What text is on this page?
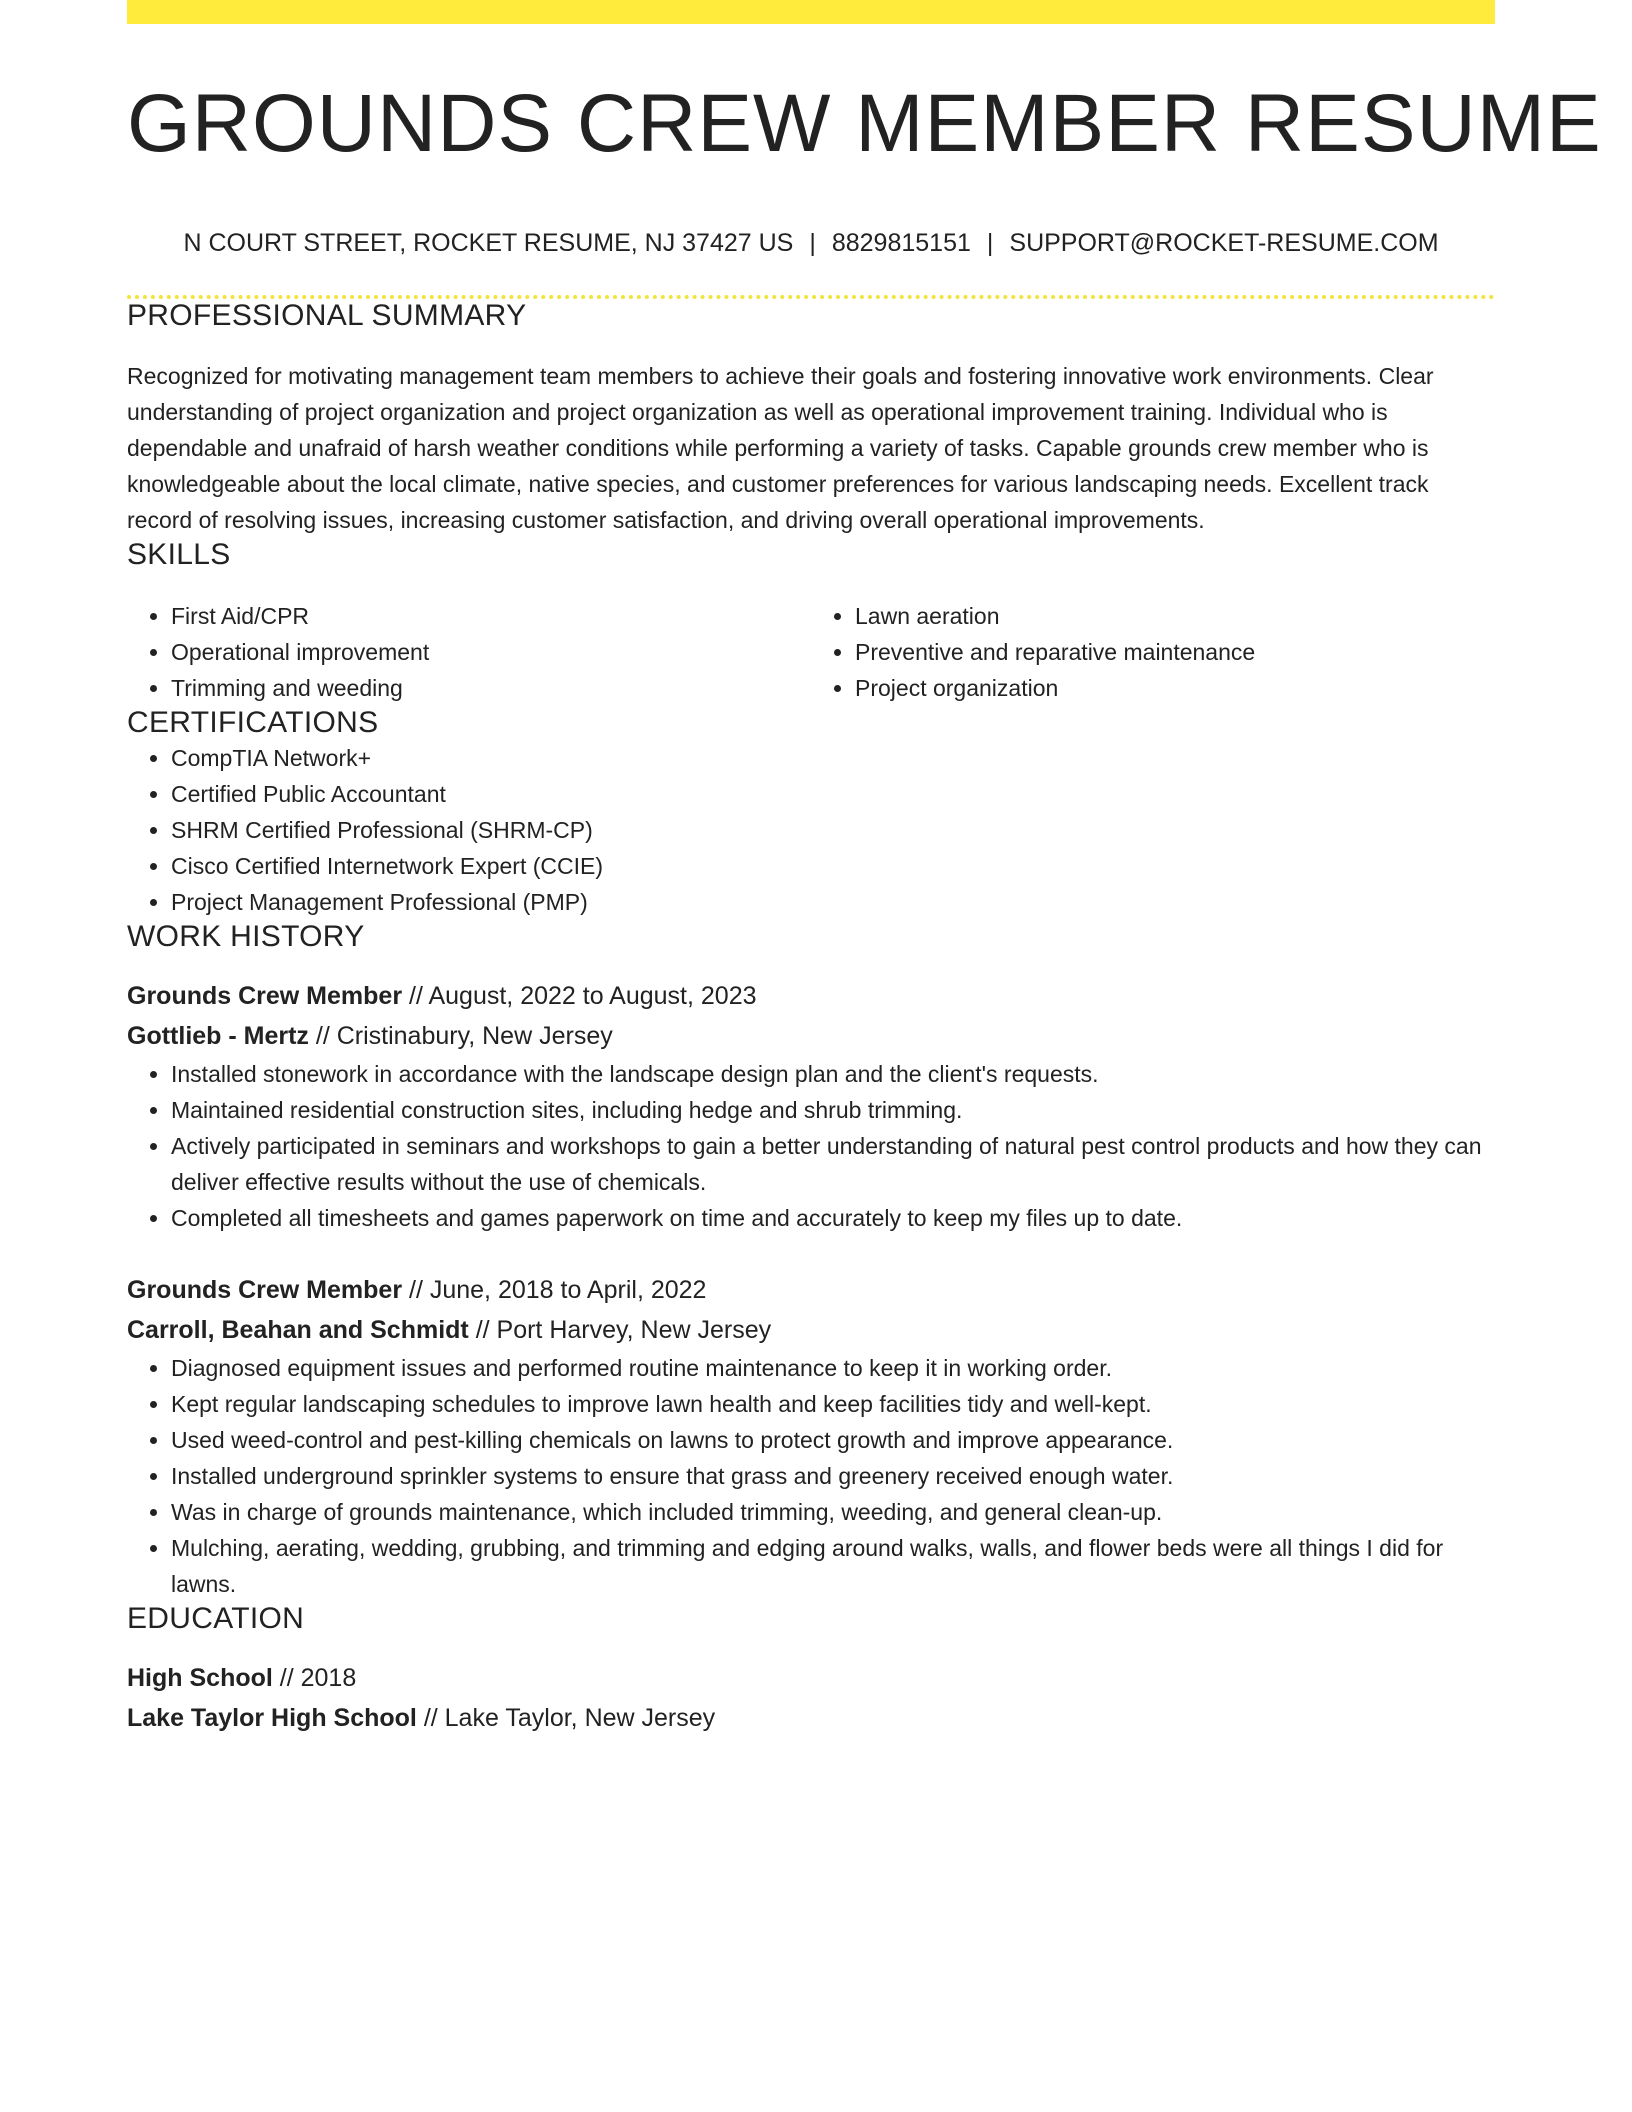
GROUNDS CREW MEMBER RESUME
N COURT STREET, ROCKET RESUME, NJ 37427 US | 8829815151 | SUPPORT@ROCKET-RESUME.COM
PROFESSIONAL SUMMARY
Recognized for motivating management team members to achieve their goals and fostering innovative work environments. Clear understanding of project organization and project organization as well as operational improvement training. Individual who is dependable and unafraid of harsh weather conditions while performing a variety of tasks. Capable grounds crew member who is knowledgeable about the local climate, native species, and customer preferences for various landscaping needs. Excellent track record of resolving issues, increasing customer satisfaction, and driving overall operational improvements.
SKILLS
• First Aid/CPR
• Operational improvement
• Trimming and weeding
• Lawn aeration
• Preventive and reparative maintenance
• Project organization
CERTIFICATIONS
• CompTIA Network+
• Certified Public Accountant
• SHRM Certified Professional (SHRM-CP)
• Cisco Certified Internetwork Expert (CCIE)
• Project Management Professional (PMP)
WORK HISTORY
Grounds Crew Member // August, 2022 to August, 2023
Gottlieb - Mertz // Cristinabury, New Jersey
• Installed stonework in accordance with the landscape design plan and the client's requests.
• Maintained residential construction sites, including hedge and shrub trimming.
• Actively participated in seminars and workshops to gain a better understanding of natural pest control products and how they can deliver effective results without the use of chemicals.
• Completed all timesheets and games paperwork on time and accurately to keep my files up to date.
Grounds Crew Member // June, 2018 to April, 2022
Carroll, Beahan and Schmidt // Port Harvey, New Jersey
• Diagnosed equipment issues and performed routine maintenance to keep it in working order.
• Kept regular landscaping schedules to improve lawn health and keep facilities tidy and well-kept.
• Used weed-control and pest-killing chemicals on lawns to protect growth and improve appearance.
• Installed underground sprinkler systems to ensure that grass and greenery received enough water.
• Was in charge of grounds maintenance, which included trimming, weeding, and general clean-up.
• Mulching, aerating, wedding, grubbing, and trimming and edging around walks, walls, and flower beds were all things I did for lawns.
EDUCATION
High School // 2018
Lake Taylor High School // Lake Taylor, New Jersey
